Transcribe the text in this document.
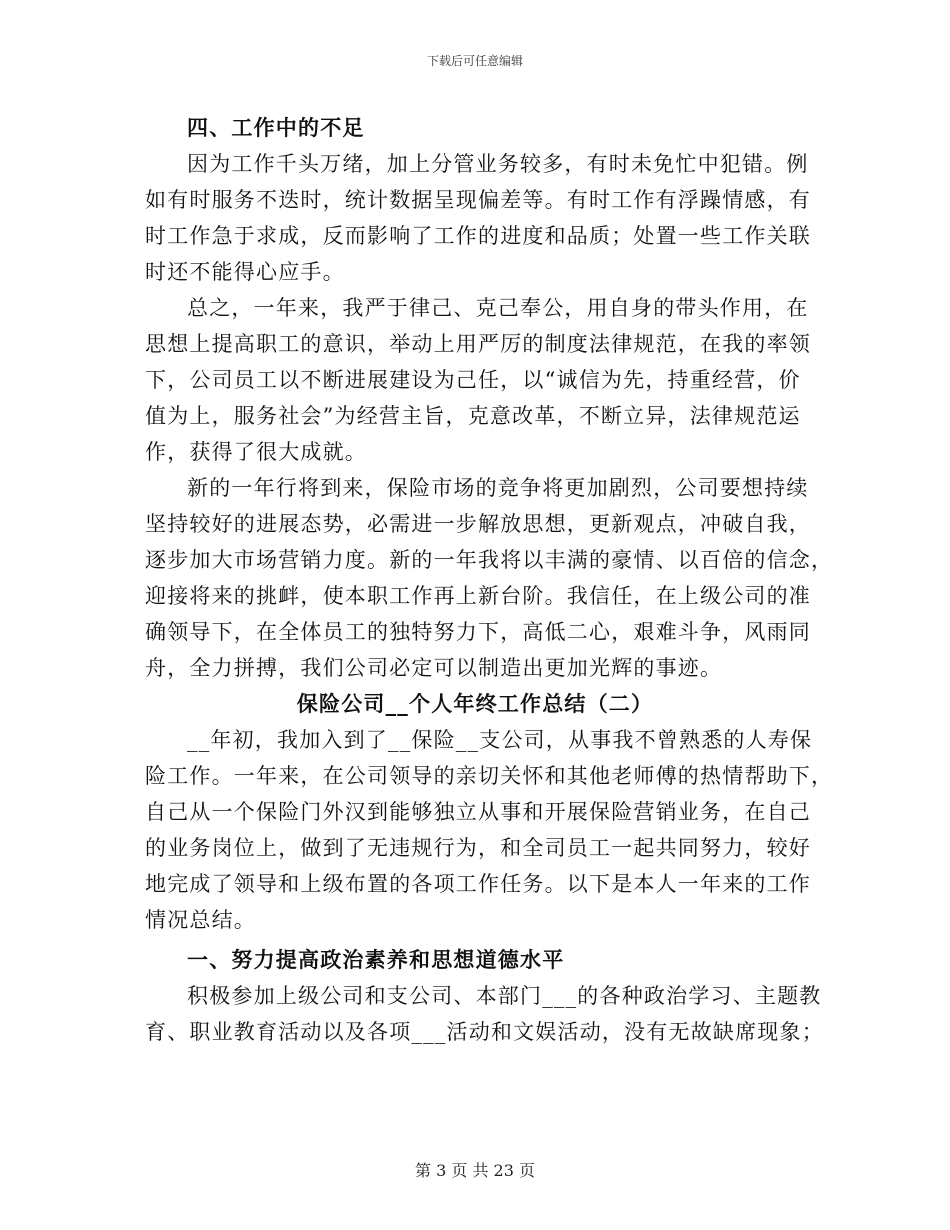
下载后可任意编辑
四、工作中的不足
因为工作千头万绪，加上分管业务较多，有时未免忙中犯错。例
如有时服务不迭时，统计数据呈现偏差等。有时工作有浮躁情感，有
时工作急于求成，反而影响了工作的进度和品质；处置一些工作关联
时还不能得心应手。
总之，一年来，我严于律己、克己奉公，用自身的带头作用，在
思想上提高职工的意识，举动上用严厉的制度法律规范，在我的率领
下，公司员工以不断进展建设为己任，以“诚信为先，持重经营，价
值为上，服务社会”为经营主旨，克意改革，不断立异，法律规范运
作，获得了很大成就。
新的一年行将到来，保险市场的竞争将更加剧烈，公司要想持续
坚持较好的进展态势，必需进一步解放思想，更新观点，冲破自我，
逐步加大市场营销力度。新的一年我将以丰满的豪情、以百倍的信念，
迎接将来的挑衅，使本职工作再上新台阶。我信任，在上级公司的准
确领导下，在全体员工的独特努力下，高低二心，艰难斗争，风雨同
舟，全力拼搏，我们公司必定可以制造出更加光辉的事迹。
保险公司__个人年终工作总结（二）
__年初，我加入到了__保险__支公司，从事我不曾熟悉的人寿保
险工作。一年来，在公司领导的亲切关怀和其他老师傅的热情帮助下，
自己从一个保险门外汉到能够独立从事和开展保险营销业务，在自己
的业务岗位上，做到了无违规行为，和全司员工一起共同努力，较好
地完成了领导和上级布置的各项工作任务。以下是本人一年来的工作
情况总结。
一、努力提高政治素养和思想道德水平
积极参加上级公司和支公司、本部门___的各种政治学习、主题教
育、职业教育活动以及各项___活动和文娱活动，没有无故缺席现象；
第 3 页 共 23 页
